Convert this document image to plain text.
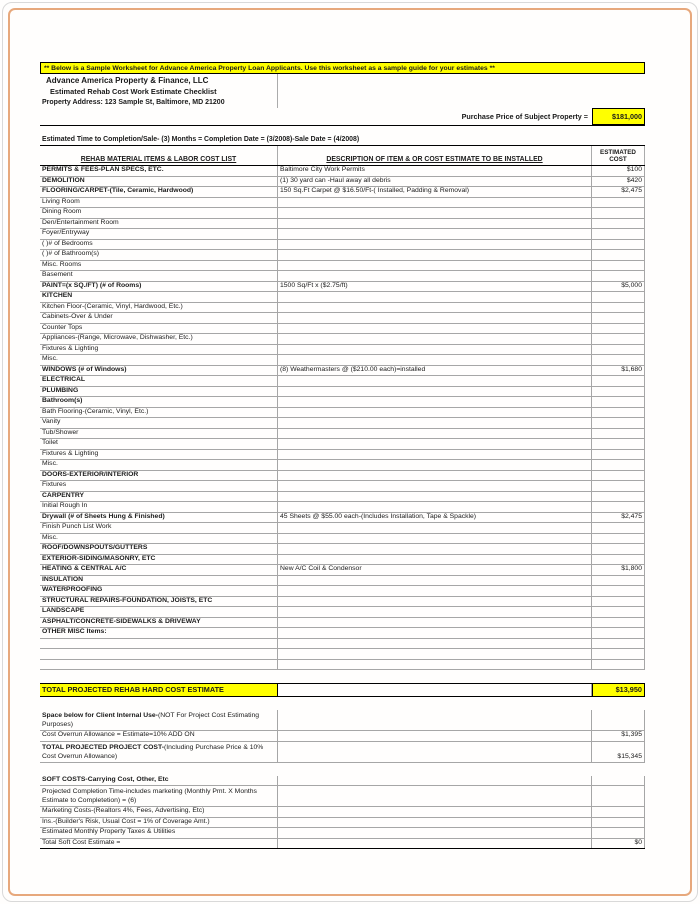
** Below is a Sample Worksheet for Advance America Property Loan Applicants. Use this worksheet as a sample guide for your estimates **
Advance America Property & Finance, LLC
Estimated Rehab Cost Work Estimate Checklist
Property Address: 123 Sample St, Baltimore, MD 21200
Purchase Price of Subject Property =	$181,000
Estimated Time to Completion/Sale- (3) Months = Completion Date = (3/2008)-Sale Date = (4/2008)
REHAB MATERIAL ITEMS & LABOR COST LIST	DESCRIPTION OF ITEM & OR COST ESTIMATE TO BE INSTALLED
ESTIMATED COST
PERMITS & FEES-PLAN SPECS, ETC.	Baltimore City Work Permits	$100
DEMOLITION	(1) 30 yard can -Haul away all debris	$420
FLOORING/CARPET-(Tile, Ceramic, Hardwood)	150 Sq.Ft Carpet @ $16.50/Ft-( Installed, Padding & Removal)	$2,475
Living Room
Dining Room
Den/Entertainment Room
Foyer/Entryway
( )# of Bedrooms
( )# of Bathroom(s)
Misc. Rooms
Basement
PAINT=(x SQ./FT) (# of Rooms)	1500 Sq/Ft x ($2.75/ft)	$5,000
KITCHEN
Kitchen Floor-(Ceramic, Vinyl, Hardwood, Etc.)
Cabinets-Over & Under
Counter Tops
Appliances-(Range, Microwave, Dishwasher, Etc.)
Fixtures & Lighting
Misc.
WINDOWS (# of Windows)	(8) Weathermasters @ ($210.00 each)=installed	$1,680
ELECTRICAL
PLUMBING
Bathroom(s)
Bath Flooring-(Ceramic, Vinyl, Etc.)
Vanity
Tub/Shower
Toilet
Fixtures & Lighting
Misc.
DOORS-EXTERIOR/INTERIOR
Fixtures
CARPENTRY
Initial Rough In
Drywall (# of Sheets Hung & Finished)	45 Sheets @ $55.00 each-(Includes Installation, Tape & Spackle)	$2,475
Finish Punch List Work
Misc.
ROOF/DOWNSPOUTS/GUTTERS
EXTERIOR-SIDING/MASONRY, ETC
HEATING & CENTRAL A/C	New A/C Coil & Condensor	$1,800
INSULATION
WATERPROOFING
STRUCTURAL REPAIRS-FOUNDATION, JOISTS, ETC
LANDSCAPE
ASPHALT/CONCRETE-SIDEWALKS & DRIVEWAY
OTHER MISC Items:
TOTAL PROJECTED REHAB HARD COST ESTIMATE	$13,950
Space below for Client Internal Use-(NOT For Project Cost Estimating Purposes)
Cost Overrun Allowance = Estimate=10% ADD ON	$1,395
TOTAL PROJECTED PROJECT COST-(Including Purchase Price & 10% Cost Overrun Allowance)	$15,345
SOFT COSTS-Carrying Cost, Other, Etc
Projected Completion Time-includes marketing (Monthly Pmt. X Months Estimate to Completetion) = (6)
Marketing Costs-(Realtors 4%, Fees, Advertising, Etc)
Ins.-(Builder's Risk, Usual Cost = 1% of Coverage Amt.)
Estimated Monthly Property Taxes & Utilities
Total Soft Cost Estimate =	$0
